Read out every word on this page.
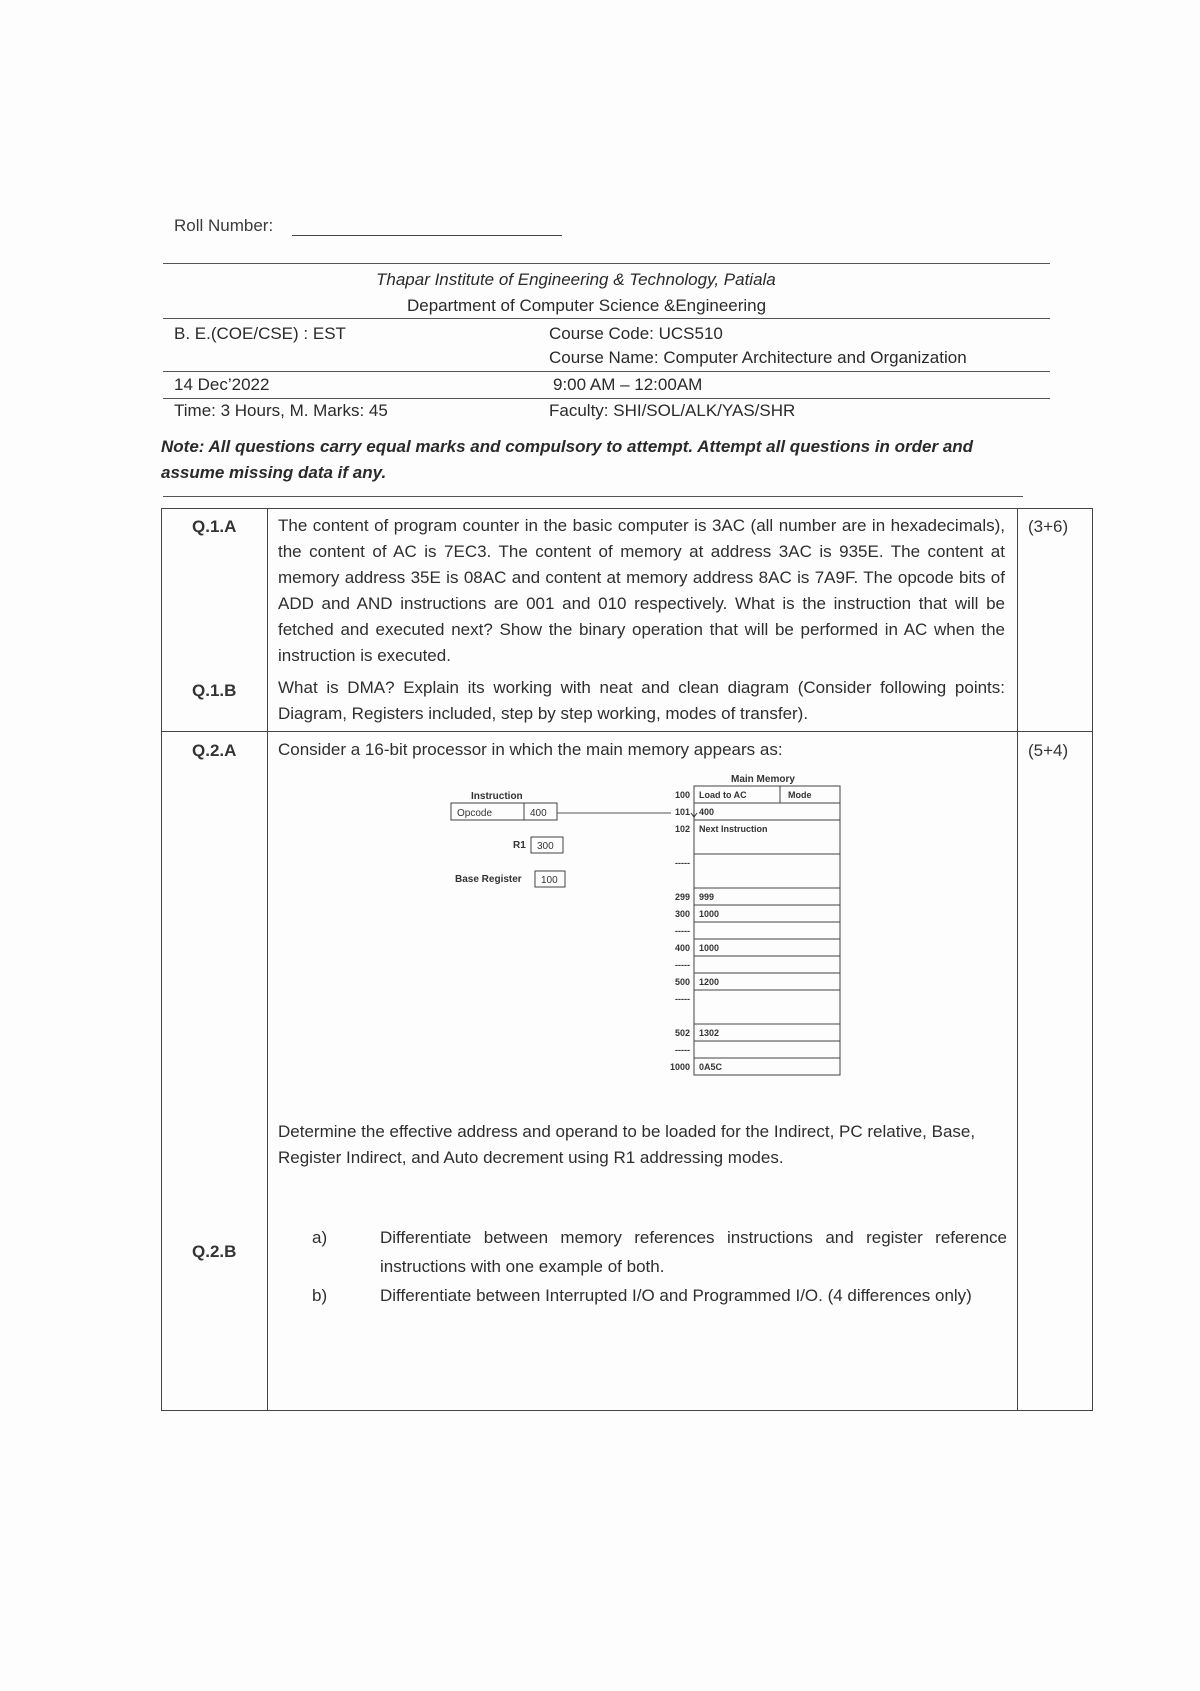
Roll Number:
Thapar Institute of Engineering & Technology, Patiala
Department of Computer Science &Engineering
B. E.(COE/CSE) : EST	Course Code: UCS510
Course Name: Computer Architecture and Organization
14 Dec’2022	9:00 AM – 12:00AM
Time: 3 Hours, M. Marks: 45	Faculty: SHI/SOL/ALK/YAS/SHR
Note: All questions carry equal marks and compulsory to attempt. Attempt all questions in order and assume missing data if any.
Q.1.A The content of program counter in the basic computer is 3AC (all number are in hexadecimals), the content of AC is 7EC3. The content of memory at address 3AC is 935E. The content at memory address 35E is 08AC and content at memory address 8AC is 7A9F. The opcode bits of ADD and AND instructions are 001 and 010 respectively. What is the instruction that will be fetched and executed next? Show the binary operation that will be performed in AC when the instruction is executed.
(3+6)
Q.1.B What is DMA? Explain its working with neat and clean diagram (Consider following points: Diagram, Registers included, step by step working, modes of transfer).
Q.2.A Consider a 16-bit processor in which the main memory appears as:	(5+4)
Main Memory
Instruction
Opcode	400
R1 300
Base Register 100
100 Load to AC	Mode
101 400
102 Next Instruction
-----
299 999
300 1000
-----
400 1000
-----
500 1200
-----
502 1302
-----
1000 0A5C
Determine the effective address and operand to be loaded for the Indirect, PC relative, Base, Register Indirect, and Auto decrement using R1 addressing modes.
Q.2.B
a)	Differentiate between memory references instructions and register reference instructions with one example of both.
b)	Differentiate between Interrupted I/O and Programmed I/O. (4 differences only)
